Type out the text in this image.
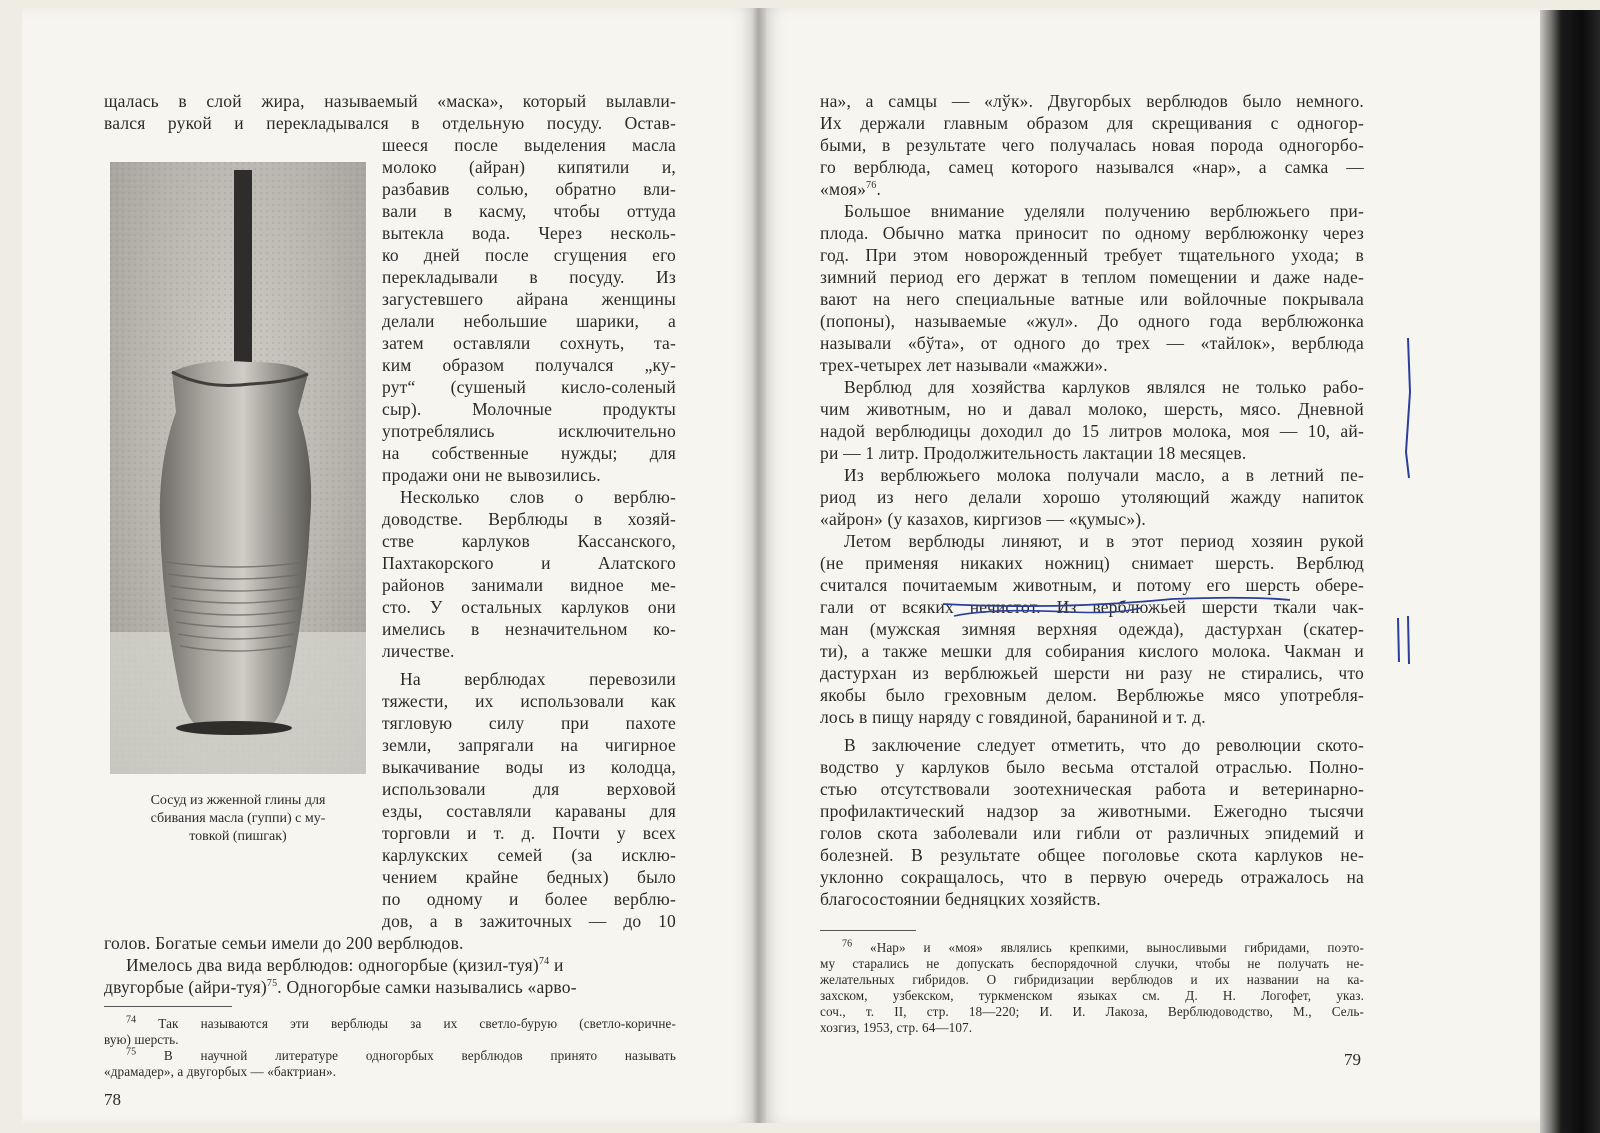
щалась в слой жира, называемый «маска», который вылавли-
вался рукой и перекладывался в отдельную посуду. Остав-
шееся после выделения масла
молоко (айран) кипятили и,
разбавив солью, обратно вли-
вали в касму, чтобы оттуда
вытекла вода. Через несколь-
ко дней после сгущения его
перекладывали в посуду. Из
загустевшего айрана женщины
делали небольшие шарики, а
затем оставляли сохнуть, та-
ким образом получался „ку-
рут“ (сушеный кисло-соленый
сыр). Молочные продукты
употреблялись исключительно
на собственные нужды; для
продажи они не вывозились.
Несколько слов о верблю-
доводстве. Верблюды в хозяй-
стве карлуков Кассанского,
Пахтакорского и Алатского
районов занимали видное ме-
сто. У остальных карлуков они
имелись в незначительном ко-
личестве.
На верблюдах перевозили
тяжести, их использовали как
тягловую силу при пахоте
земли, запрягали на чигирное
выкачивание воды из колодца,
использовали для верховой
езды, составляли караваны для
торговли и т. д. Почти у всех
карлукских семей (за исклю-
чением крайне бедных) было
по одному и более верблю-
дов, а в зажиточных — до 10
Сосуд из жженной глины для
сбивания масла (гуппи) с му-
товкой (пишгак)
голов. Богатые семьи имели до 200 верблюдов.
Имелось два вида верблюдов: одногорбые (қизил-туя)$^{74}$ и
двугорбые (айри-туя)$^{75}$. Одногорбые самки назывались «арво-
$^{74}$ Так называются эти верблюды за их светло-бурую (светло-коричне-
вую) шерсть.
$^{75}$ В научной литературе одногорбых верблюдов принято называть
«драмадер», а двугорбых — «бактриан».
78
на», а самцы — «лўк». Двугорбых верблюдов было немного.
Их держали главным образом для скрещивания с одногор-
быми, в результате чего получалась новая порода одногорбо-
го верблюда, самец которого назывался «нар», а самка —
«моя»$^{76}$.
Большое внимание уделяли получению верблюжьего при-
плода. Обычно матка приносит по одному верблюжонку через
год. При этом новорожденный требует тщательного ухода; в
зимний период его держат в теплом помещении и даже наде-
вают на него специальные ватные или войлочные покрывала
(попоны), называемые «жул». До одного года верблюжонка
называли «бўта», от одного до трех — «тайлок», верблюда
трех-четырех лет называли «мажжи».
Верблюд для хозяйства карлуков являлся не только рабо-
чим животным, но и давал молоко, шерсть, мясо. Дневной
надой верблюдицы доходил до 15 литров молока, моя — 10, ай-
ри — 1 литр. Продолжительность лактации 18 месяцев.
Из верблюжьего молока получали масло, а в летний пе-
риод из него делали хорошо утоляющий жажду напиток
«айрон» (у казахов, киргизов — «қумыс»).
Летом верблюды линяют, и в этот период хозяин рукой
(не применяя никаких ножниц) снимает шерсть. Верблюд
считался почитаемым животным, и потому его шерсть обере-
гали от всяких нечистот. Из верблюжьей шерсти ткали чак-
ман (мужская зимняя верхняя одежда), дастурхан (скатер-
ти), а также мешки для собирания кислого молока. Чакман и
дастурхан из верблюжьей шерсти ни разу не стирались, что
якобы было греховным делом. Верблюжье мясо употребля-
лось в пищу наряду с говядиной, бараниной и т. д.
В заключение следует отметить, что до революции ското-
водство у карлуков было весьма отсталой отраслью. Полно-
стью отсутствовали зоотехническая работа и ветеринарно-
профилактический надзор за животными. Ежегодно тысячи
голов скота заболевали или гибли от различных эпидемий и
болезней. В результате общее поголовье скота карлуков не-
уклонно сокращалось, что в первую очередь отражалось на
благосостоянии бедняцких хозяйств.
$^{76}$ «Нар» и «моя» являлись крепкими, выносливыми гибридами, поэто-
му старались не допускать беспорядочной случки, чтобы не получать не-
желательных гибридов. О гибридизации верблюдов и их названии на ка-
захском, узбекском, туркменском языках см. Д. Н. Логофет, указ.
соч., т. II, стр. 18—220; И. И. Лакоза, Верблюдоводство, М., Сель-
хозгиз, 1953, стр. 64—107.
79
